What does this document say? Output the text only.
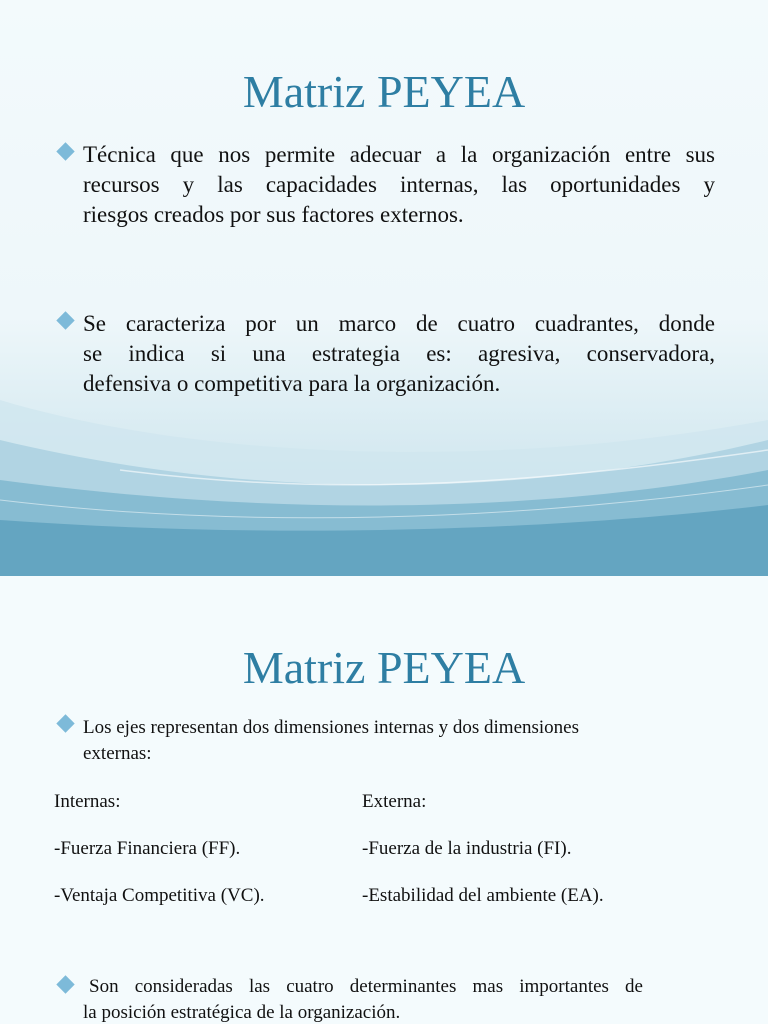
Matriz PEYEA
Técnica que nos permite adecuar a la organización entre sus
recursos y las capacidades internas, las oportunidades y
riesgos creados por sus factores externos.
Se caracteriza por un marco de cuatro cuadrantes, donde
se indica si una estrategia es: agresiva, conservadora,
defensiva o competitiva para la organización.
Matriz PEYEA
Los ejes representan dos dimensiones internas y dos dimensiones
externas:
Internas:
-Fuerza Financiera (FF).
-Ventaja Competitiva (VC).
Externa:
-Fuerza de la industria (FI).
-Estabilidad del ambiente (EA).
Son consideradas las cuatro determinantes mas importantes de
la posición estratégica de la organización.
